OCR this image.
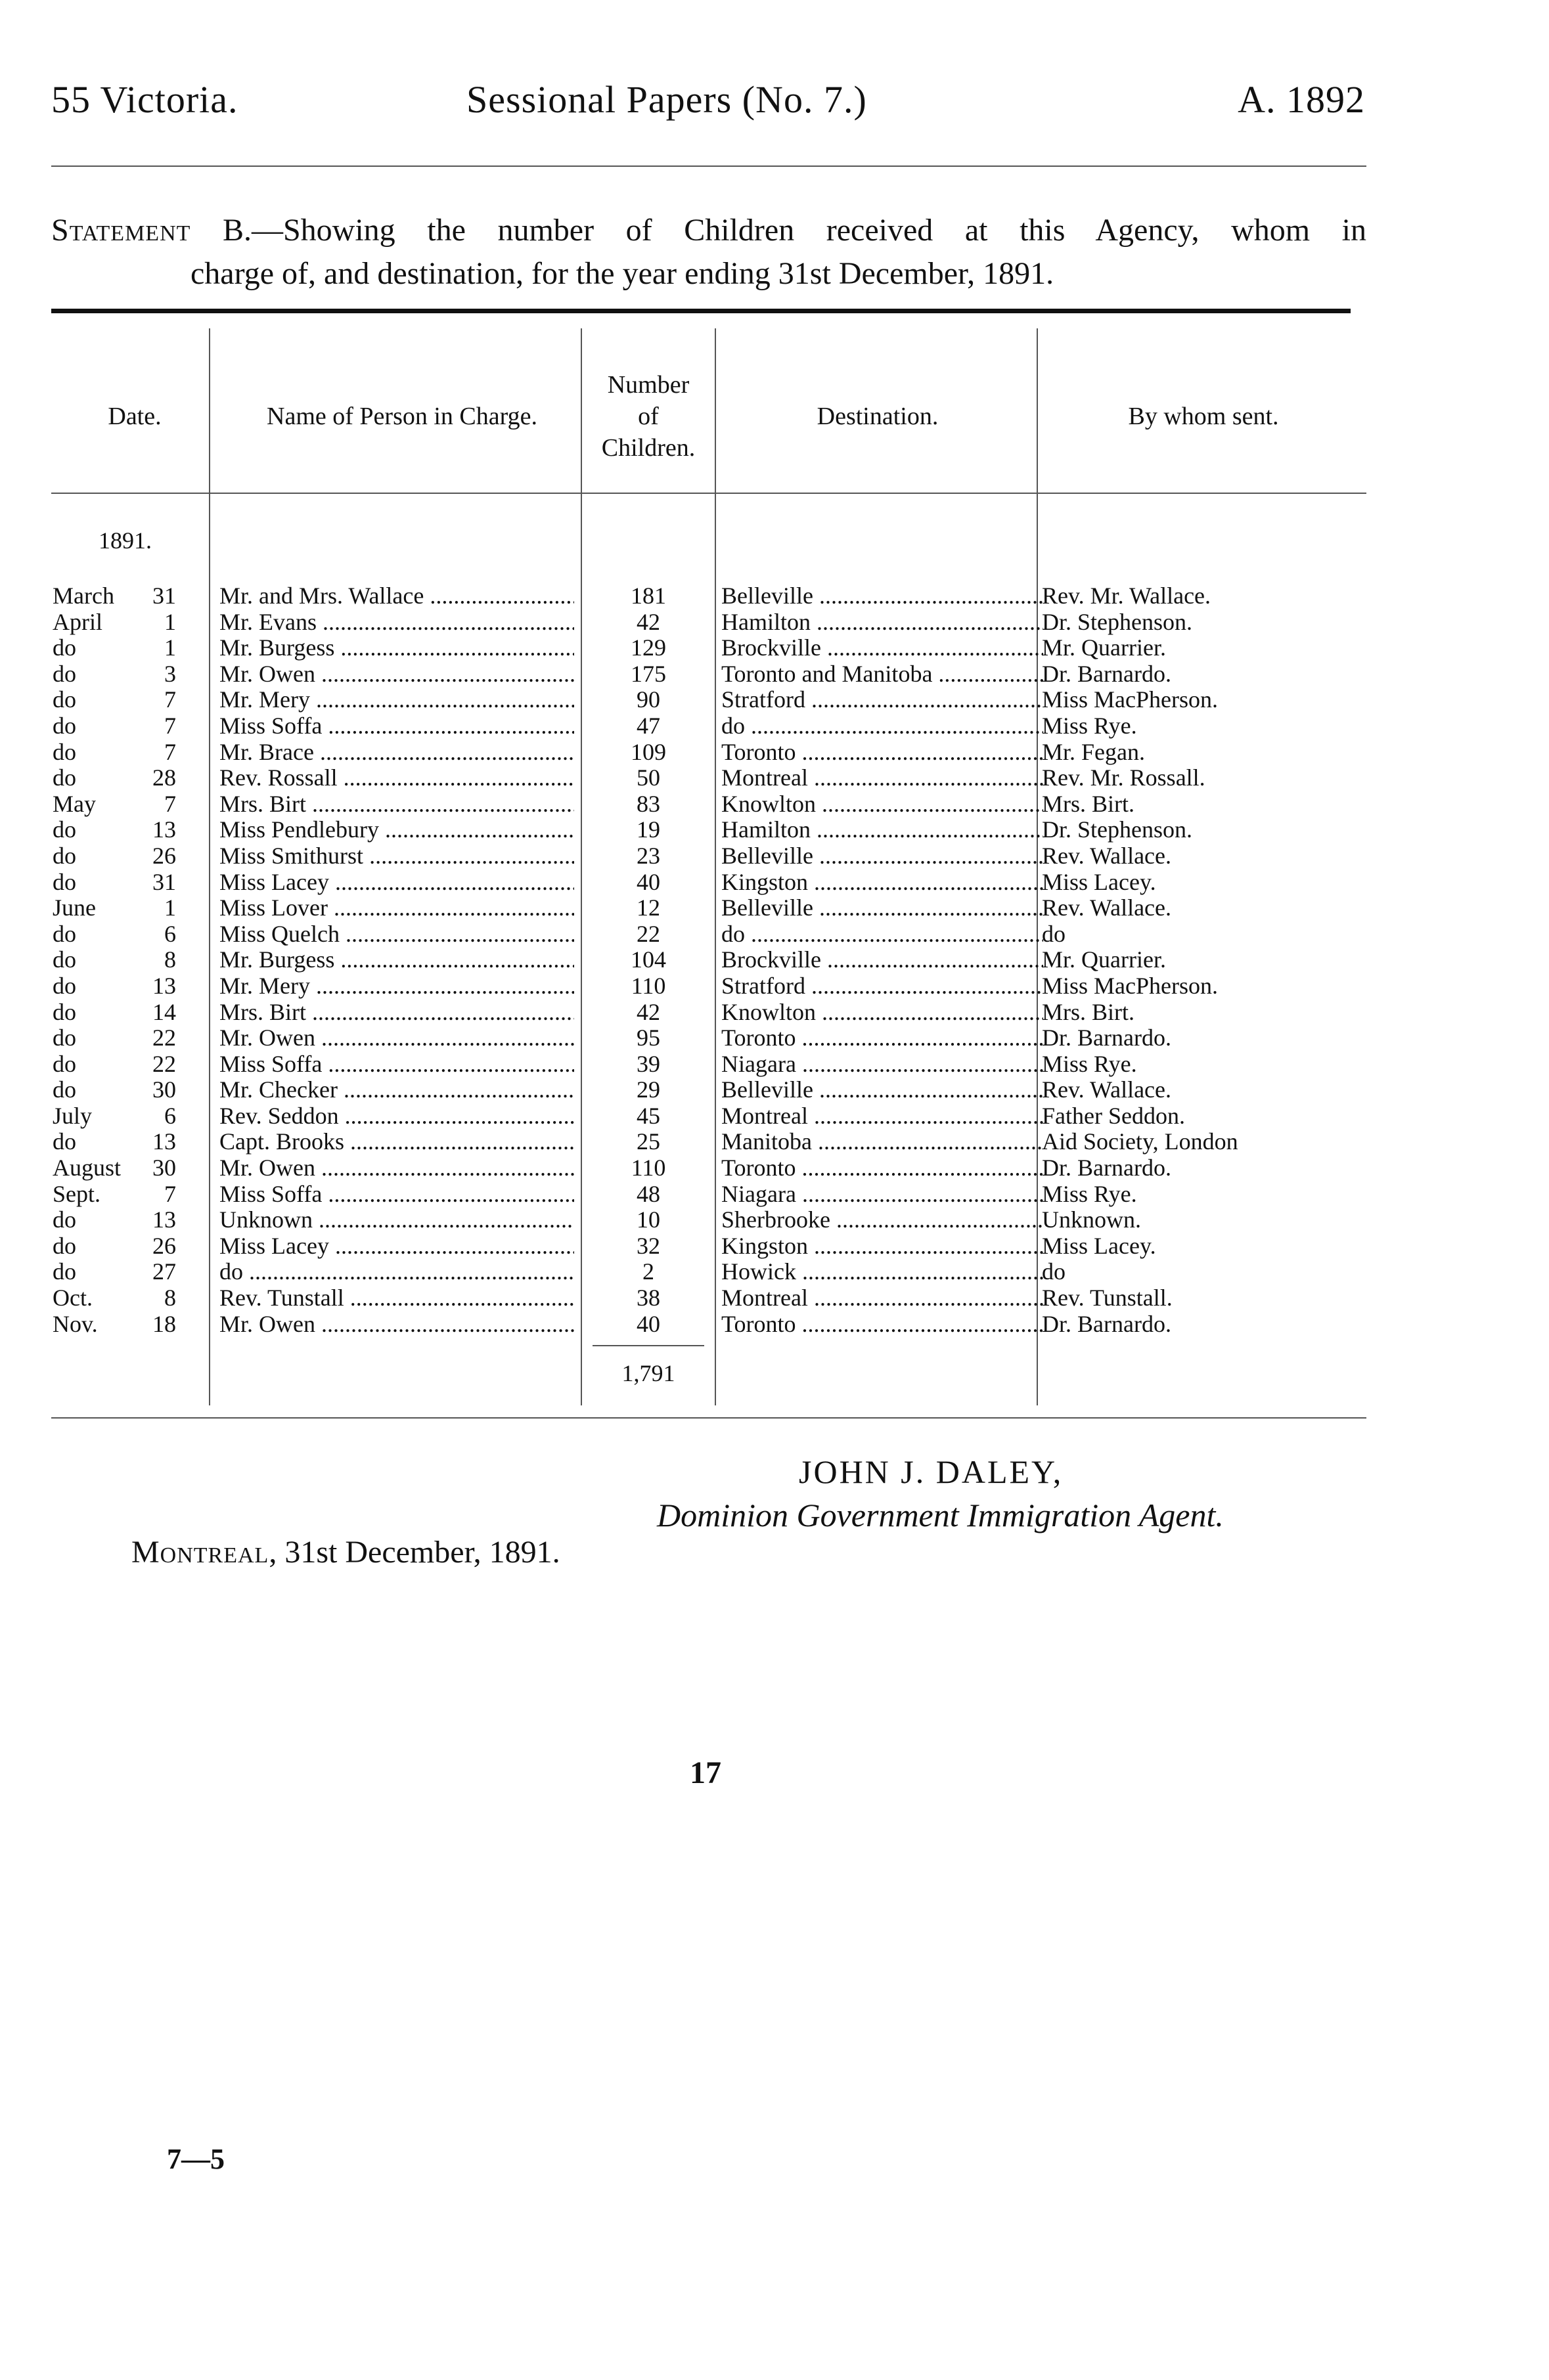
55 Victoria.	Sessional Papers (No. 7.)	A. 1892
Statement B.—Showing the number of Children received at this Agency, whom in
charge of, and destination, for the year ending 31st December, 1891.
Date.	Name of Person in Charge.
Number
of
Children.
Destination.	By whom sent.
1891.
March	31 Mr. and Mrs. Wallace .....	181	Belleville .....	Rev. Mr. Wallace.
April	1 Mr. Evans .....	42	Hamilton .....	Dr. Stephenson.
do	1 Mr. Burgess .....	129	Brockville .....	Mr. Quarrier.
do	3 Mr. Owen .....	175	Toronto and Manitoba .....	Dr. Barnardo.
do	7 Mr. Mery .....	90	Stratford .....	Miss MacPherson.
do	7 Miss Soffa .....	47	do .....	Miss Rye.
do	7 Mr. Brace .....	109	Toronto .....	Mr. Fegan.
do	28 Rev. Rossall .....	50	Montreal .....	Rev. Mr. Rossall.
May	7 Mrs. Birt .....	83	Knowlton .....	Mrs. Birt.
do	13 Miss Pendlebury .....	19	Hamilton .....	Dr. Stephenson.
do	26 Miss Smithurst .....	23	Belleville .....	Rev. Wallace.
do	31 Miss Lacey .....	40	Kingston .....	Miss Lacey.
June	1 Miss Lover .....	12	Belleville .....	Rev. Wallace.
do	6 Miss Quelch .....	22	do .....	do
do	8 Mr. Burgess .....	104	Brockville .....	Mr. Quarrier.
do	13 Mr. Mery .....	110	Stratford .....	Miss MacPherson.
do	14 Mrs. Birt .....	42	Knowlton .....	Mrs. Birt.
do	22 Mr. Owen .....	95	Toronto .....	Dr. Barnardo.
do	22 Miss Soffa .....	39	Niagara .....	Miss Rye.
do	30 Mr. Checker .....	29	Belleville .....	Rev. Wallace.
July	6 Rev. Seddon .....	45	Montreal .....	Father Seddon.
do	13 Capt. Brooks .....	25	Manitoba .....	Aid Society, London
August	30 Mr. Owen .....	110	Toronto .....	Dr. Barnardo.
Sept.	7 Miss Soffa .....	48	Niagara .....	Miss Rye.
do	13 Unknown .....	10	Sherbrooke .....	Unknown.
do	26 Miss Lacey .....	32	Kingston .....	Miss Lacey.
do	27 do .....	2	Howick .....	do
Oct.	8 Rev. Tunstall .....	38	Montreal .....	Rev. Tunstall.
Nov.	18 Mr. Owen .....	40	Toronto .....	Dr. Barnardo.
1,791
JOHN J. DALEY,
Dominion Government Immigration Agent.
Montreal, 31st December, 1891.
17
7—5
